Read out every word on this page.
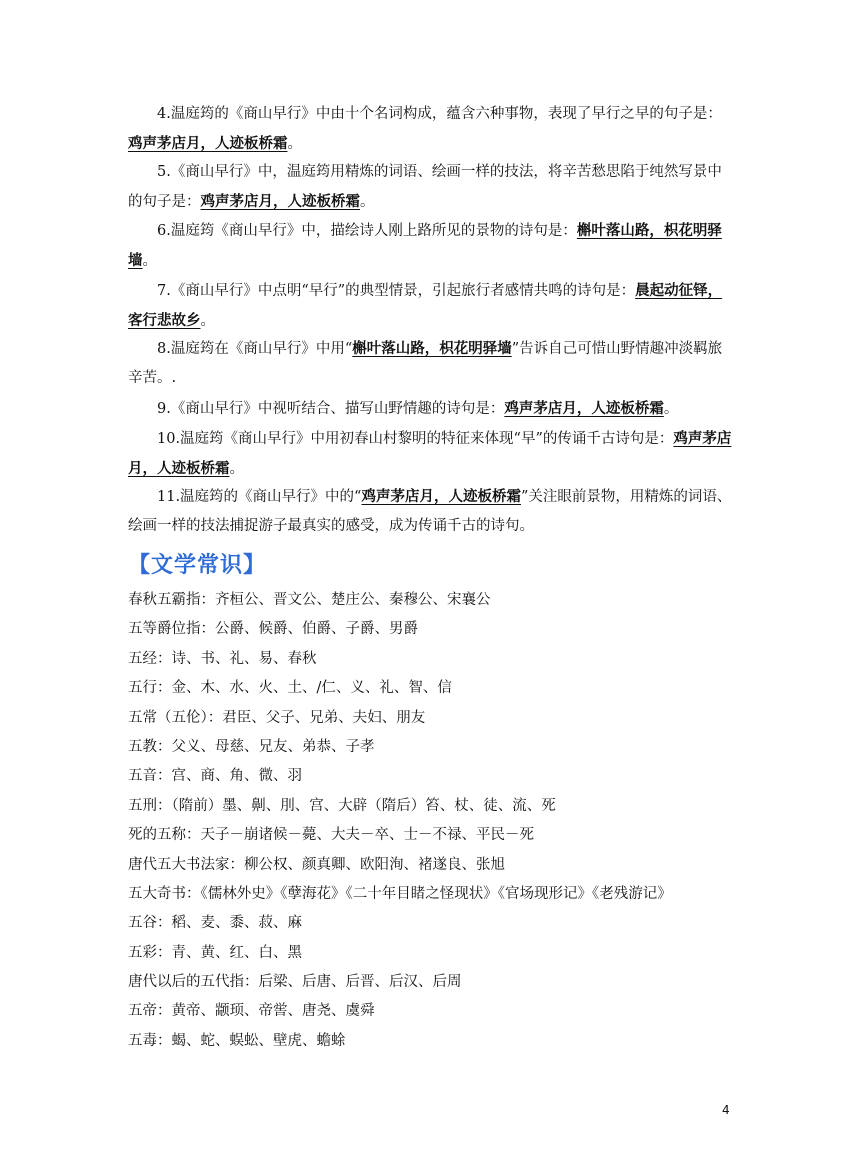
4.温庭筠的《商山早行》中由十个名词构成，蕴含六种事物，表现了早行之早的句子是：鸡声茅店月，人迹板桥霜。

5.《商山早行》中，温庭筠用精炼的词语、绘画一样的技法，将辛苦愁思陷于纯然写景中的句子是：鸡声茅店月，人迹板桥霜。

6.温庭筠《商山早行》中，描绘诗人刚上路所见的景物的诗句是：槲叶落山路，枳花明驿墙。

7.《商山早行》中点明“早行”的典型情景，引起旅行者感情共鸣的诗句是：晨起动征铎，客行悲故乡。

8.温庭筠在《商山早行》中用“槲叶落山路，枳花明驿墙”告诉自己可惜山野情趣冲淡羁旅辛苦。.

9.《商山早行》中视听结合、描写山野情趣的诗句是：鸡声茅店月，人迹板桥霜。

10.温庭筠《商山早行》中用初春山村黎明的特征来体现“早”的传诵千古诗句是：鸡声茅店月，人迹板桥霜。

11.温庭筠的《商山早行》中的“鸡声茅店月，人迹板桥霜”关注眼前景物，用精炼的词语、绘画一样的技法捕捉游子最真实的感受，成为传诵千古的诗句。

【文学常识】
春秋五霸指：齐桓公、晋文公、楚庄公、秦穆公、宋襄公
五等爵位指：公爵、候爵、伯爵、子爵、男爵
五经：诗、书、礼、易、春秋
五行：金、木、水、火、土、/仁、义、礼、智、信
五常（五伦）：君臣、父子、兄弟、夫妇、朋友
五教：父义、母慈、兄友、弟恭、子孝
五音：宫、商、角、微、羽
五刑：（隋前）墨、劓、刖、宫、大辟（隋后）笞、杖、徒、流、死
死的五称：天子－崩诸候－薨、大夫－卒、士－不禄、平民－死
唐代五大书法家：柳公权、颜真卿、欧阳洵、褚遂良、张旭
五大奇书：《儒林外史》《孽海花》《二十年目睹之怪现状》《官场现形记》《老残游记》
五谷：稻、麦、黍、菽、麻
五彩：青、黄、红、白、黑
唐代以后的五代指：后梁、后唐、后晋、后汉、后周
五帝：黄帝、颛顼、帝喾、唐尧、虞舜
五毒：蝎、蛇、蜈蚣、壁虎、蟾蜍
4
